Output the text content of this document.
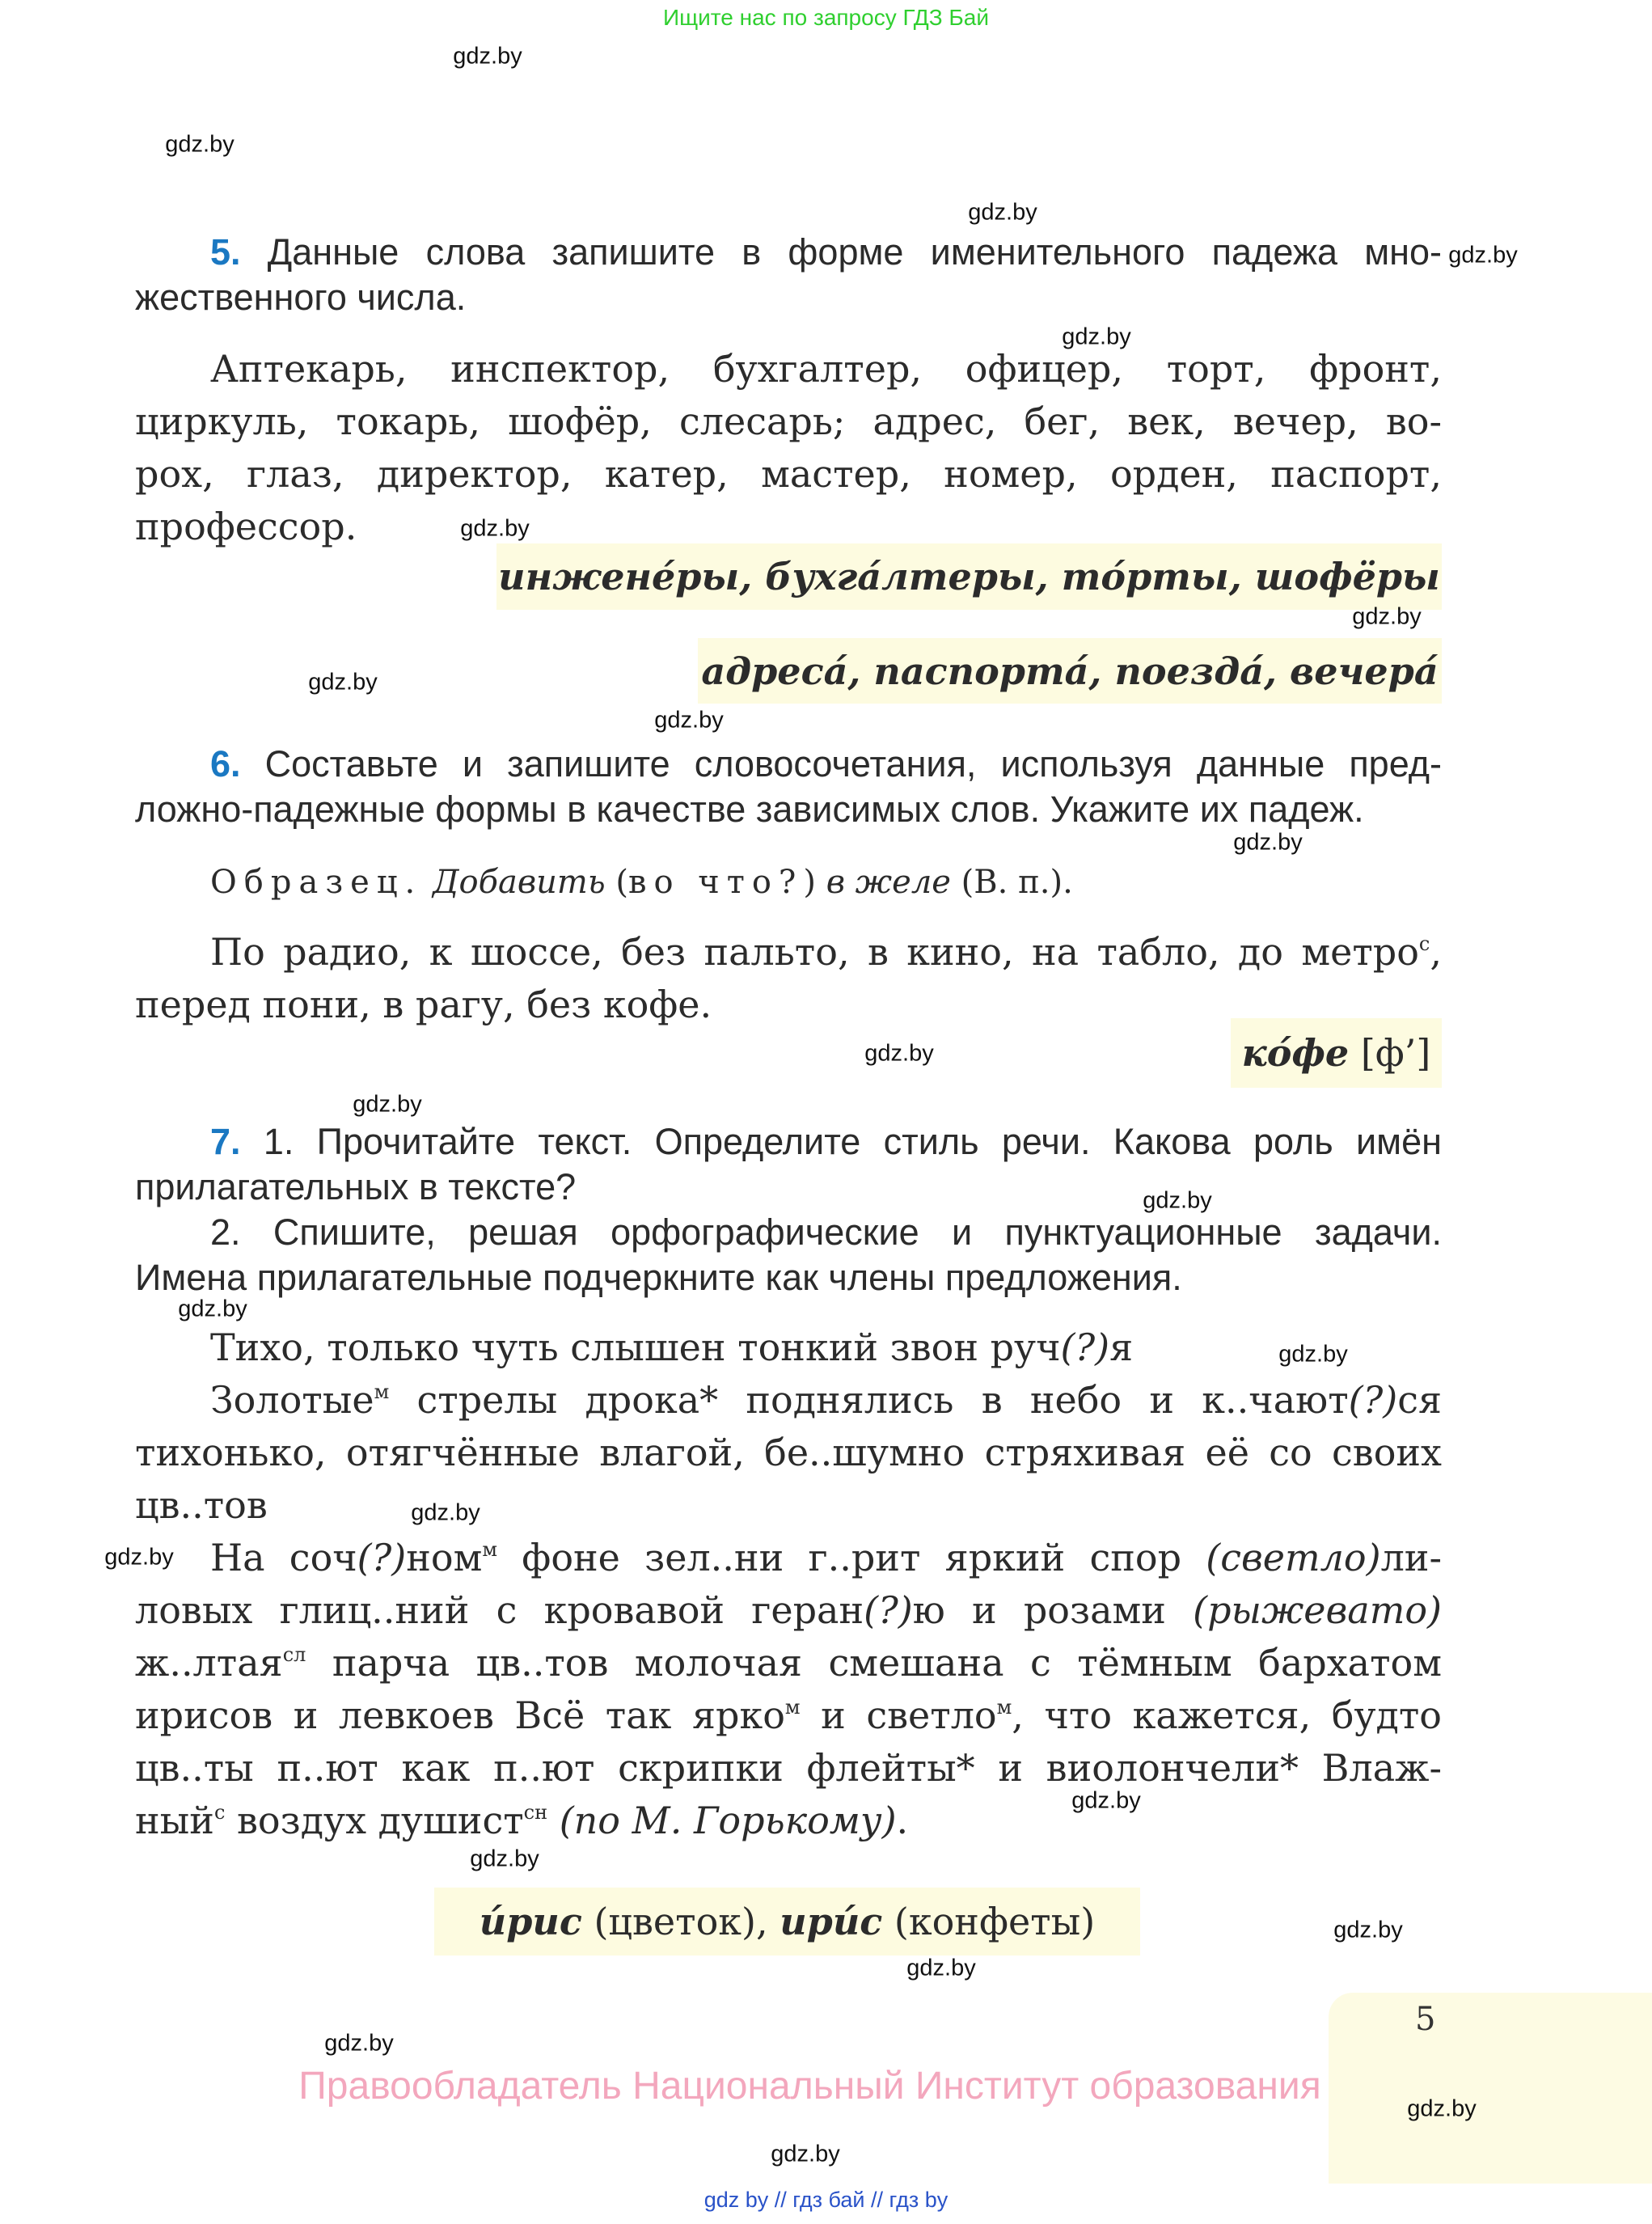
Ищите нас по запросу ГДЗ Бай
5. Данные слова запишите в форме именительного падежа мно-
жественного числа.
Аптекарь, инспектор, бухгалтер, офицер, торт, фронт,
циркуль, токарь, шофёр, слесарь; адрес, бег, век, вечер, во-
рох, глаз, директор, катер, мастер, номер, орден, паспорт,
профессор.
инжене́ры, бухга́лтеры, то́рты, шофёры
адреса́, паспорта́, поезда́, вечера́
6. Составьте и запишите словосочетания, используя данные пред-
ложно-падежные формы в качестве зависимых слов. Укажите их падеж.
Образец. Добавить (во что?) в желе (В. п.).
По радио, к шоссе, без пальто, в кино, на табло, до метро$^с$,
перед пони, в рагу, без кофе.
ко́фе [ф’]
7. 1. Прочитайте текст. Определите стиль речи. Какова роль имён
прилагательных в тексте?
2. Спишите, решая орфографические и пунктуационные задачи.
Имена прилагательные подчеркните как члены предложения.
Тихо, только чуть слышен тонкий звон руч(?)я
Золотые$^м$ стрелы дрока* поднялись в небо и к..чают(?)ся
тихонько, отягчённые влагой, бе..шумно стряхивая её со своих
цв..тов
На соч(?)ном$^м$ фоне зел..ни г..рит яркий спор (светло)ли-
ловых глиц..ний с кровавой геран(?)ю и розами (рыжевато)
ж..лтая$^{сл}$ парча цв..тов молочая смешана с тёмным бархатом
ирисов и левкоев Всё так ярко$^м$ и светло$^м$, что кажется, будто
цв..ты п..ют как п..ют скрипки флейты* и виолончели* Влаж-
ный$^с$ воздух душист$^{сн}$ (по М. Горькому).
и́рис (цветок), ири́с (конфеты)
5
Правообладатель Национальный Институт образования
gdz by // гдз бай // гдз by
gdz.by
gdz.by
gdz.by
gdz.by
gdz.by
gdz.by
gdz.by
gdz.by
gdz.by
gdz.by
gdz.by
gdz.by
gdz.by
gdz.by
gdz.by
gdz.by
gdz.by
gdz.by
gdz.by
gdz.by
gdz.by
gdz.by
gdz.by
gdz.by
